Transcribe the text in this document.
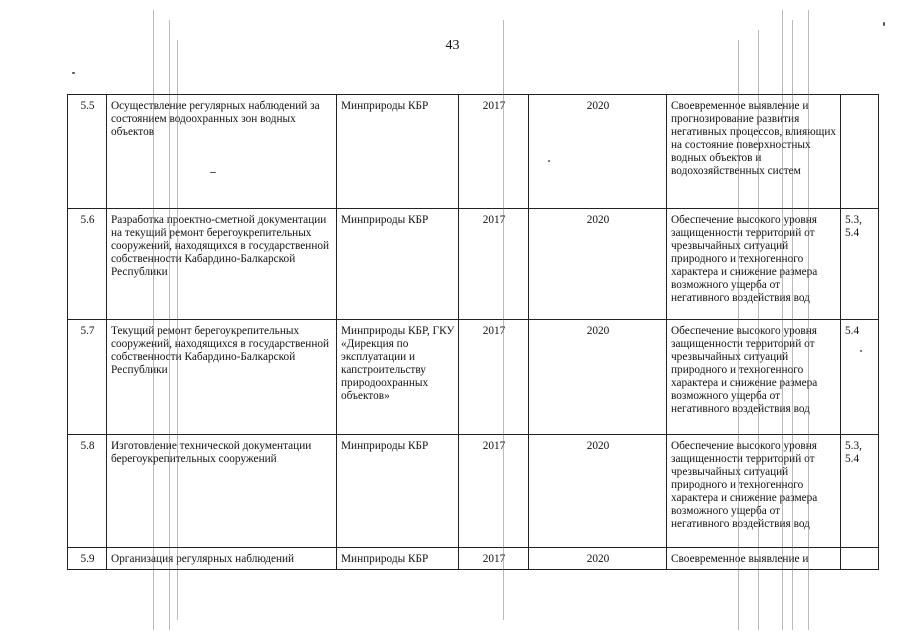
43
5.5	Осуществление регулярных наблюдений за состоянием водоохранных зон водных объектов	Минприроды КБР	2017	2020	Своевременное выявление и прогнозирование развития негативных процессов, влияющих на состояние поверхностных водных объектов и водохозяйственных систем	
5.6	Разработка проектно-сметной документации на текущий ремонт берегоукрепительных сооружений, находящихся в государственной собственности Кабардино-Балкарской Республики	Минприроды КБР	2017	2020	Обеспечение высокого уровня защищенности территорий от чрезвычайных ситуаций природного и техногенного характера и снижение размера возможного ущерба от негативного воздействия вод	5.3, 5.4
5.7	Текущий ремонт берегоукрепительных сооружений, находящихся в государственной собственности Кабардино-Балкарской Республики	Минприроды КБР, ГКУ «Дирекция по эксплуатации и капстроительству природоохранных объектов»	2017	2020	Обеспечение высокого уровня защищенности территорий от чрезвычайных ситуаций природного и техногенного характера и снижение размера возможного ущерба от негативного воздействия вод	5.4
5.8	Изготовление технической документации берегоукрепительных сооружений	Минприроды КБР	2017	2020	Обеспечение высокого уровня защищенности территорий от чрезвычайных ситуаций природного и техногенного характера и снижение размера возможного ущерба от негативного воздействия вод	5.3, 5.4
5.9	Организация регулярных наблюдений	Минприроды КБР	2017	2020	Своевременное выявление и	
